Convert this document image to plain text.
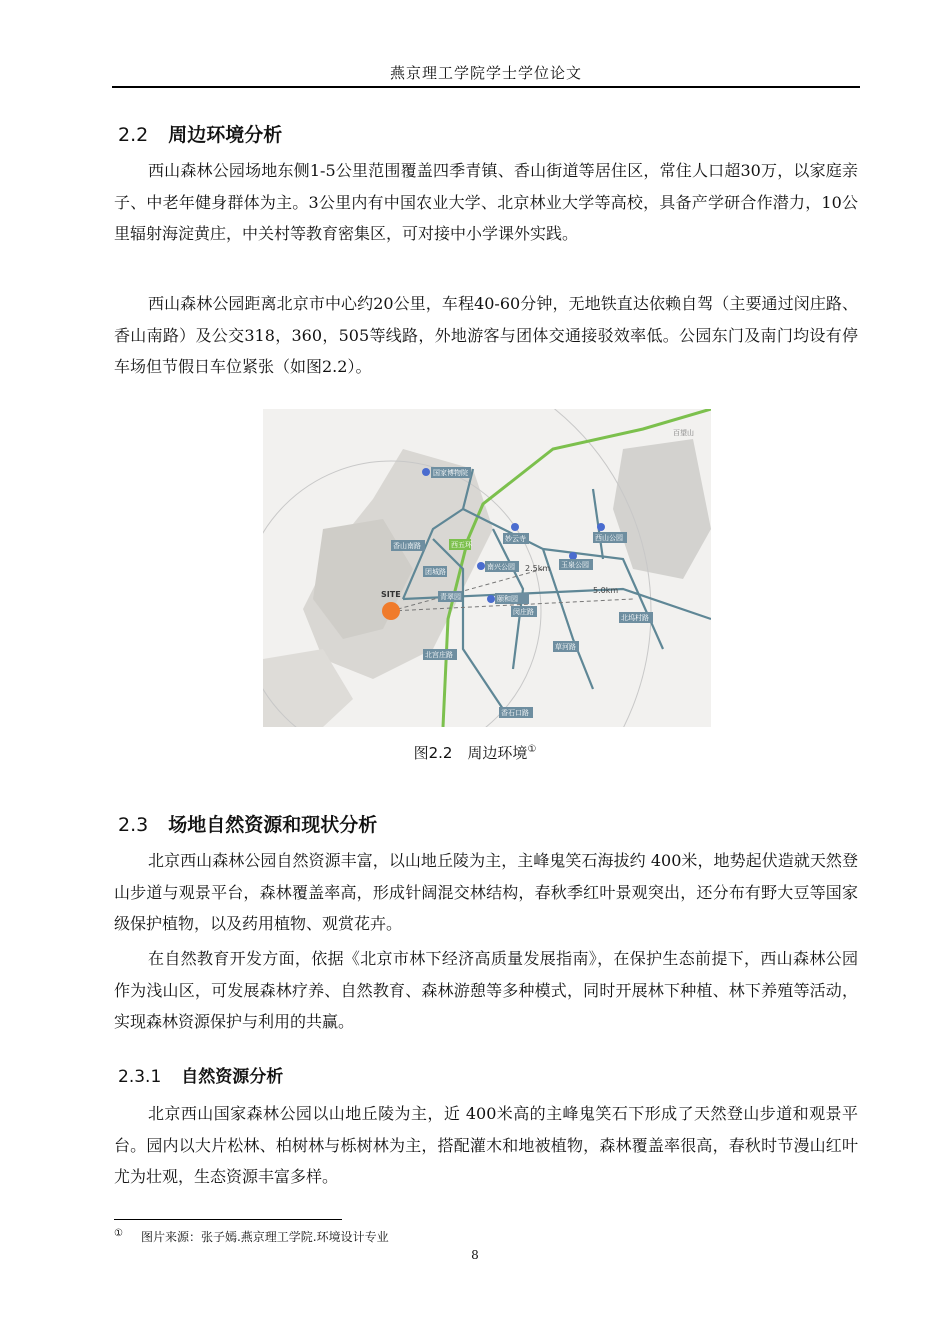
燕京理工学院学士学位论文
2.2 周边环境分析
西山森林公园场地东侧1-5公里范围覆盖四季青镇、香山街道等居住区，常住人口超30万，以家庭亲子、中老年健身群体为主。3公里内有中国农业大学、北京林业大学等高校，具备产学研合作潜力，10公里辐射海淀黄庄，中关村等教育密集区，可对接中小学课外实践。
西山森林公园距离北京市中心约20公里，车程40-60分钟，无地铁直达依赖自驾（主要通过闵庄路、香山南路）及公交318，360，505等线路，外地游客与团体交通接驳效率低。公园东门及南门均设有停车场但节假日车位紧张（如图2.2）。
2.5km
5.0km
国家博物院
香山南路	西五环
妙云寺
南兴公园
团城路
青翠园	颐和园
闵庄路
北坞村路
北宫庄路
草河路
香石口路
玉泉公园
西山公园
百望山
SITE
图2.2　周边环境①
2.3 场地自然资源和现状分析
北京西山森林公园自然资源丰富，以山地丘陵为主，主峰鬼笑石海拔约 400米，地势起伏造就天然登山步道与观景平台，森林覆盖率高，形成针阔混交林结构，春秋季红叶景观突出，还分布有野大豆等国家级保护植物，以及药用植物、观赏花卉。
在自然教育开发方面，依据《北京市林下经济高质量发展指南》，在保护生态前提下，西山森林公园作为浅山区，可发展森林疗养、自然教育、森林游憩等多种模式，同时开展林下种植、林下养殖等活动，实现森林资源保护与利用的共赢。
2.3.1 自然资源分析
北京西山国家森林公园以山地丘陵为主，近 400米高的主峰鬼笑石下形成了天然登山步道和观景平台。园内以大片松林、柏树林与栎树林为主，搭配灌木和地被植物，森林覆盖率很高，春秋时节漫山红叶尤为壮观，生态资源丰富多样。
① 图片来源：张子嫣.燕京理工学院.环境设计专业
8
